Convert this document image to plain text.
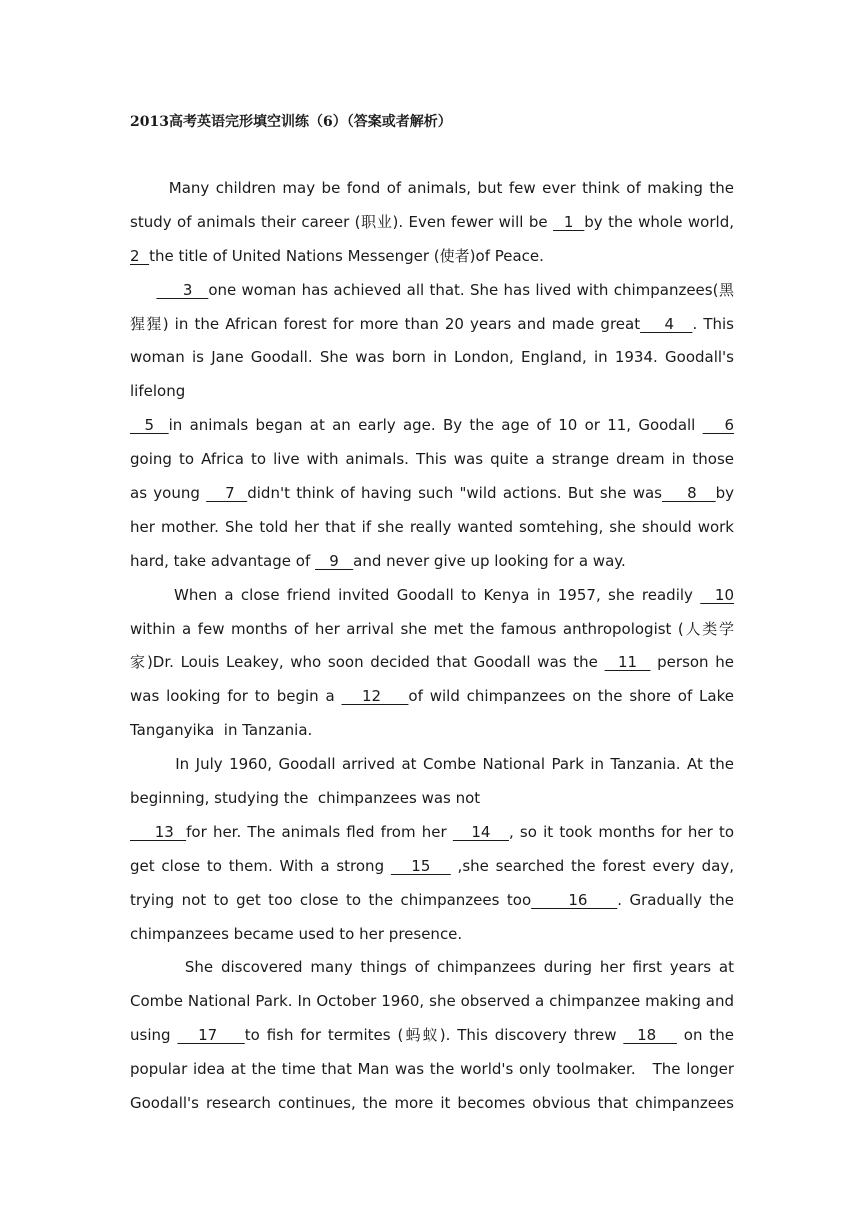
2013高考英语完形填空训练（6）（答案或者解析）
Many children may be fond of animals, but few ever think of making the
study of animals their career (职业). Even fewer will be   1  by the whole world,
2  the title of United Nations Messenger (使者)of Peace.
3   one woman has achieved all that. She has lived with chimpanzees(黑
猩猩) in the African forest for more than 20 years and made great    4   . This
woman is Jane Goodall. She was born in London, England, in 1934. Goodall's
lifelong
5  in animals began at an early age. By the age of 10 or 11, Goodall    6
going to Africa to live with animals. This was quite a strange dream in those
as young    7  didn't think of having such "wild actions. But she was    8   by
her mother. She told her that if she really wanted somtehing, she should work
hard, take advantage of    9   and never give up looking for a way.
When a close friend invited Goodall to Kenya in 1957, she readily   10
within a few months of her arrival she met the famous anthropologist (人类学
家)Dr. Louis Leakey, who soon decided that Goodall was the   11   person he
was looking for to begin a    12    of wild chimpanzees on the shore of Lake
Tanganyika  in Tanzania.
In July 1960, Goodall arrived at Combe National Park in Tanzania. At the
beginning, studying the  chimpanzees was not
13  for her. The animals fled from her    14   , so it took months for her to
get close to them. With a strong    15    ,she searched the forest every day,
trying not to get too close to the chimpanzees too     16    . Gradually the
chimpanzees became used to her presence.
She discovered many things of chimpanzees during her first years at
Combe National Park. In October 1960, she observed a chimpanzee making and
using    17    to fish for termites (蚂蚁). This discovery threw   18    on the
popular idea at the time that Man was the world's only toolmaker.   The longer
Goodall's research continues, the more it becomes obvious that chimpanzees
